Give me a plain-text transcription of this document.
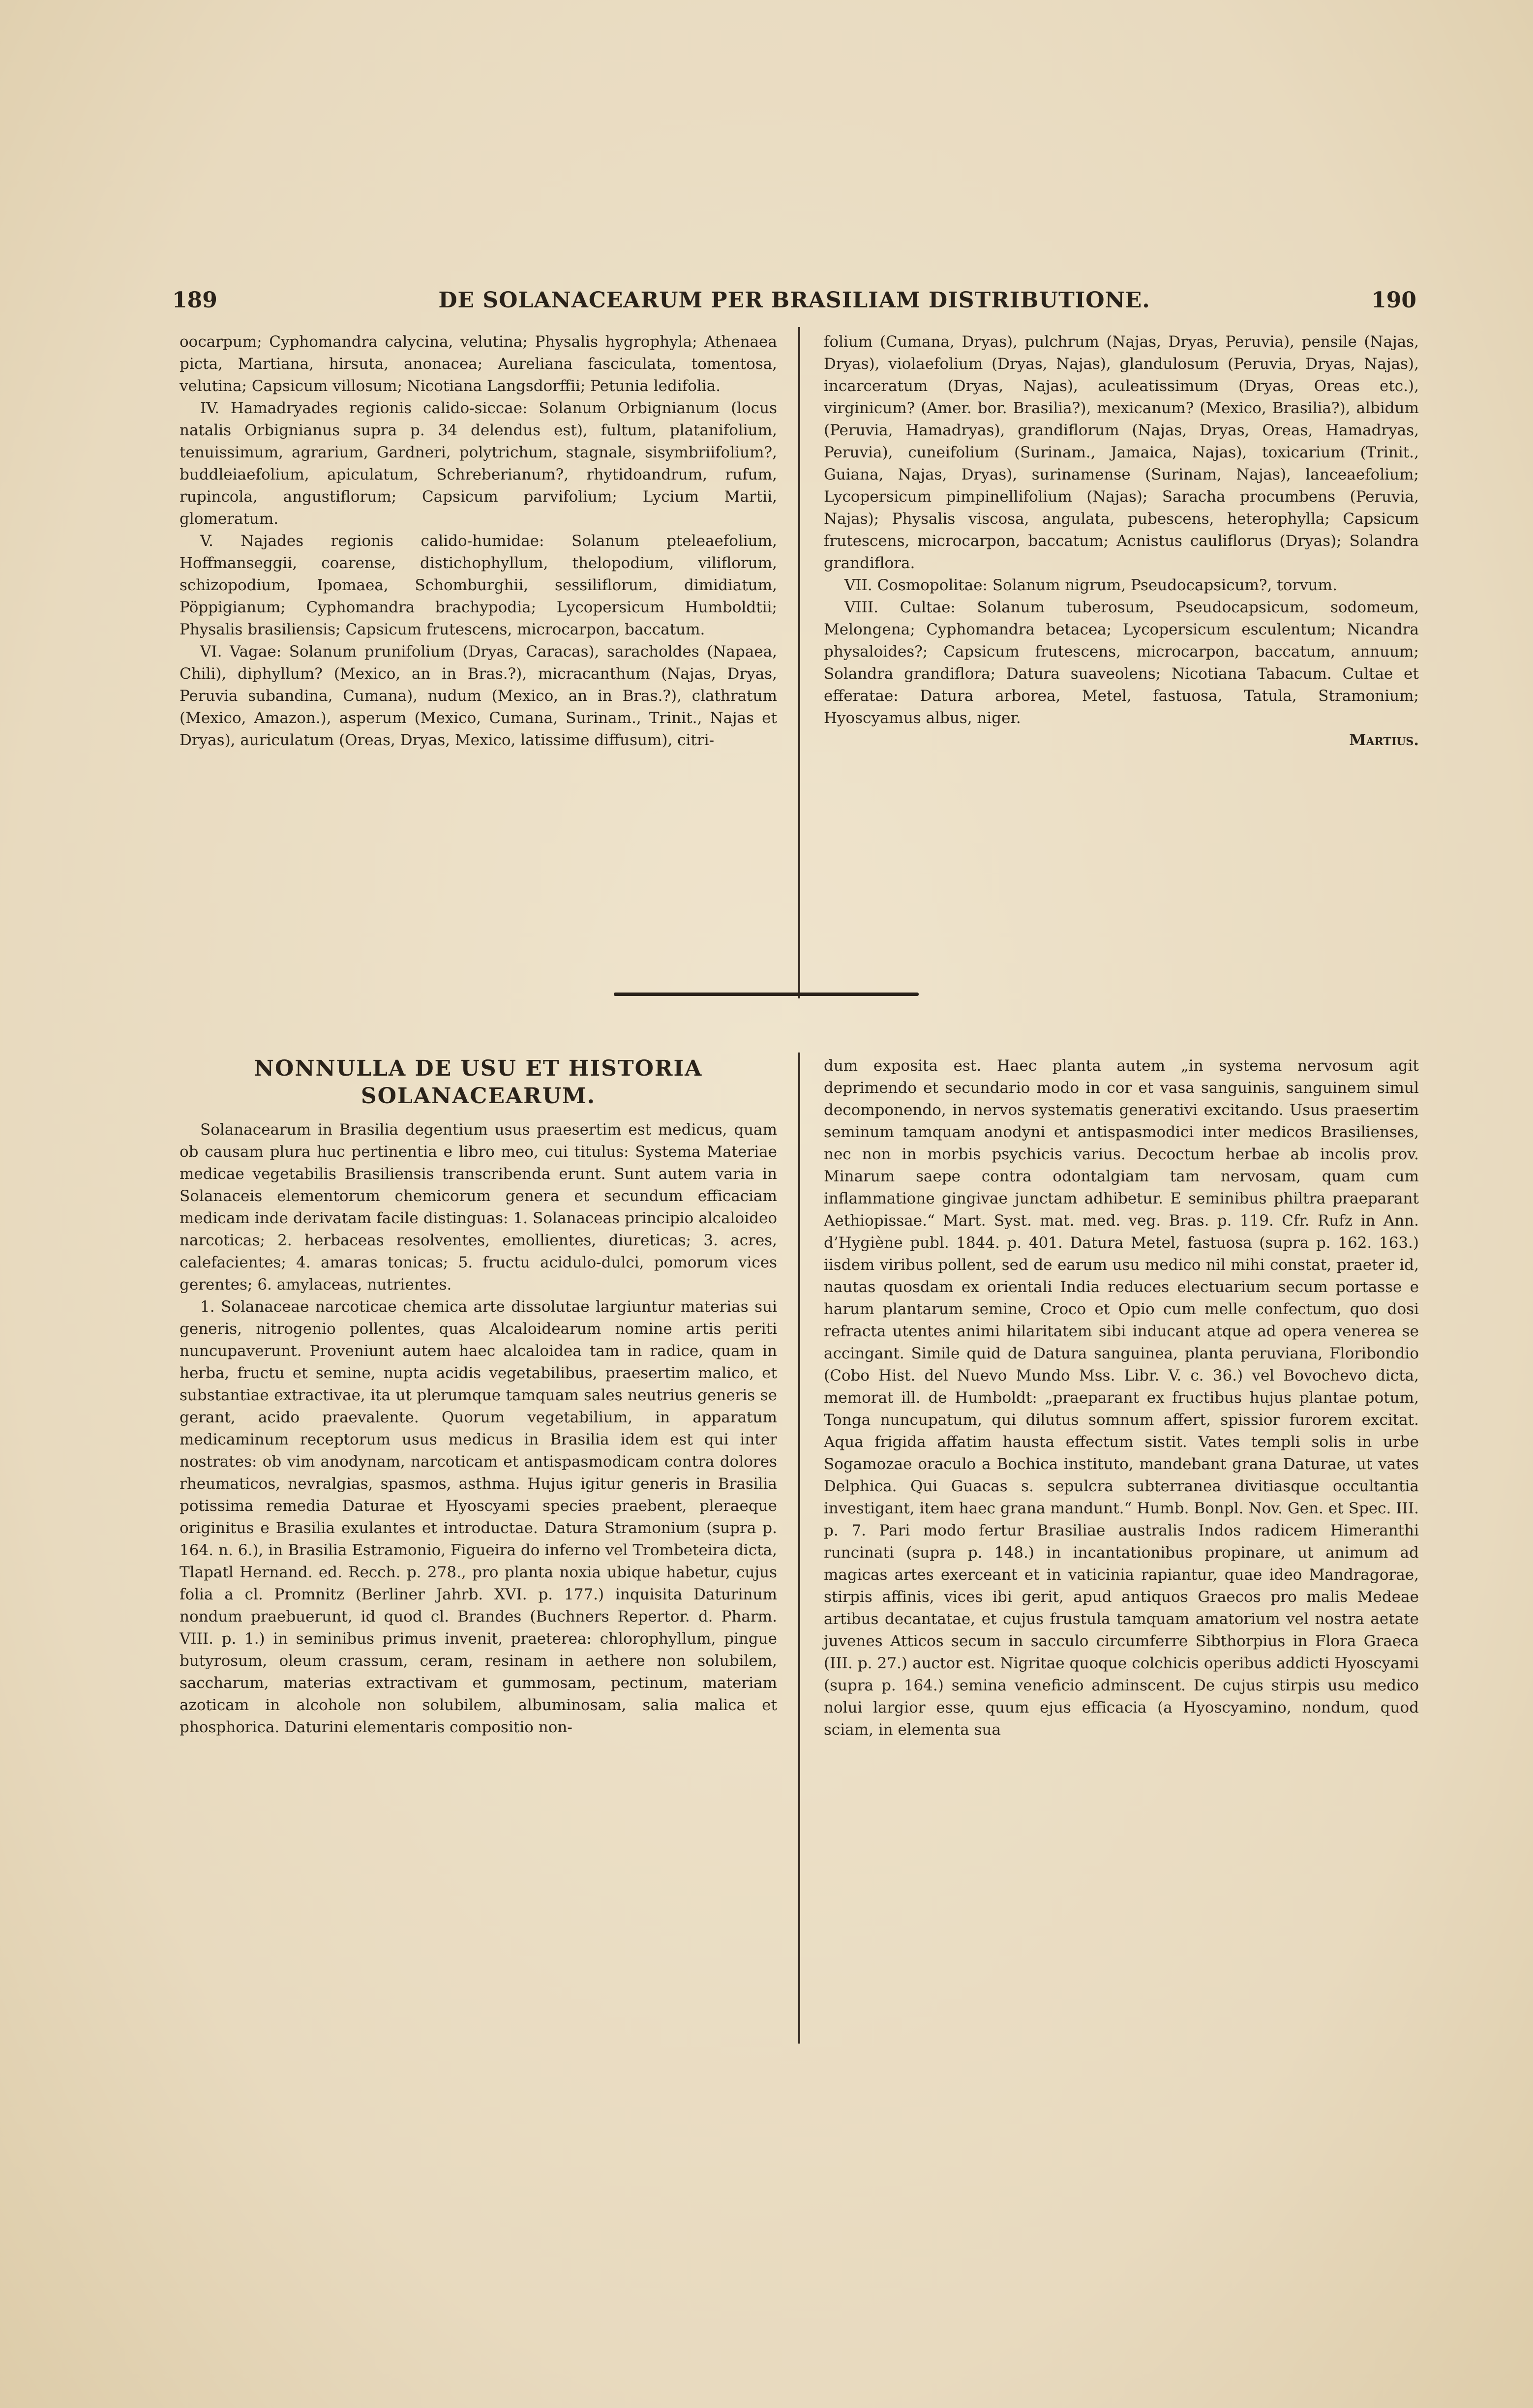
189	DE SOLANACEARUM PER BRASILIAM DISTRIBUTIONE.	190

oocarpum; Cyphomandra calycina, velutina; Physalis hygrophyla; Athenaea picta, Martiana, hirsuta, anonacea; Aureliana fasciculata, tomentosa, velutina; Capsicum villosum; Nicotiana Langsdorffii; Petunia ledifolia.

IV. Hamadryades regionis calido-siccae: Solanum Orbignianum (locus natalis Orbignianus supra p. 34 delendus est), fultum, platanifolium, tenuissimum, agrarium, Gardneri, polytrichum, stagnale, sisymbriifolium?, buddleiaefolium, apiculatum, Schreberianum?, rhytidoandrum, rufum, rupincola, angustiflorum; Capsicum parvifolium; Lycium Martii, glomeratum.

V. Najades regionis calido-humidae: Solanum pteleaefolium, Hoffmanseggii, coarense, distichophyllum, thelopodium, viliflorum, schizopodium, Ipomaea, Schomburghii, sessiliflorum, dimidiatum, Pöppigianum; Cyphomandra brachypodia; Lycopersicum Humboldtii; Physalis brasiliensis; Capsicum frutescens, microcarpon, baccatum.

VI. Vagae: Solanum prunifolium (Dryas, Caracas), saracholdes (Napaea, Chili), diphyllum? (Mexico, an in Bras.?), micracanthum (Najas, Dryas, Peruvia subandina, Cumana), nudum (Mexico, an in Bras.?), clathratum (Mexico, Amazon.), asperum (Mexico, Cumana, Surinam., Trinit., Najas et Dryas), auriculatum (Oreas, Dryas, Mexico, latissime diffusum), citri-

folium (Cumana, Dryas), pulchrum (Najas, Dryas, Peruvia), pensile (Najas, Dryas), violaefolium (Dryas, Najas), glandulosum (Peruvia, Dryas, Najas), incarceratum (Dryas, Najas), aculeatissimum (Dryas, Oreas etc.), virginicum? (Amer. bor. Brasilia?), mexicanum? (Mexico, Brasilia?), albidum (Peruvia, Hamadryas), grandiflorum (Najas, Dryas, Oreas, Hamadryas, Peruvia), cuneifolium (Surinam., Jamaica, Najas), toxicarium (Trinit., Guiana, Najas, Dryas), surinamense (Surinam, Najas), lanceaefolium; Lycopersicum pimpinellifolium (Najas); Saracha procumbens (Peruvia, Najas); Physalis viscosa, angulata, pubescens, heterophylla; Capsicum frutescens, microcarpon, baccatum; Acnistus cauliflorus (Dryas); Solandra grandiflora.

VII. Cosmopolitae: Solanum nigrum, Pseudocapsicum?, torvum.

VIII. Cultae: Solanum tuberosum, Pseudocapsicum, sodomeum, Melongena; Cyphomandra betacea; Lycopersicum esculentum; Nicandra physaloides?; Capsicum frutescens, microcarpon, baccatum, annuum; Solandra grandiflora; Datura suaveolens; Nicotiana Tabacum. Cultae et efferatae: Datura arborea, Metel, fastuosa, Tatula, Stramonium; Hyoscyamus albus, niger.

Martius.

NONNULLA DE USU ET HISTORIA
SOLANACEARUM.

Solanacearum in Brasilia degentium usus praesertim est medicus, quam ob causam plura huc pertinentia e libro meo, cui titulus: Systema Materiae medicae vegetabilis Brasiliensis transcribenda erunt. Sunt autem varia in Solanaceis elementorum chemicorum genera et secundum efficaciam medicam inde derivatam facile distinguas: 1. Solanaceas principio alcaloideo narcoticas; 2. herbaceas resolventes, emollientes, diureticas; 3. acres, calefacientes; 4. amaras tonicas; 5. fructu acidulo-dulci, pomorum vices gerentes; 6. amylaceas, nutrientes.

1. Solanaceae narcoticae chemica arte dissolutae largiuntur materias sui generis, nitrogenio pollentes, quas Alcaloidearum nomine artis periti nuncupaverunt. Proveniunt autem haec alcaloidea tam in radice, quam in herba, fructu et semine, nupta acidis vegetabilibus, praesertim malico, et substantiae extractivae, ita ut plerumque tamquam sales neutrius generis se gerant, acido praevalente. Quorum vegetabilium, in apparatum medicaminum receptorum usus medicus in Brasilia idem est qui inter nostrates: ob vim anodynam, narcoticam et antispasmodicam contra dolores rheumaticos, nevralgias, spasmos, asthma. Hujus igitur generis in Brasilia potissima remedia Daturae et Hyoscyami species praebent, pleraeque originitus e Brasilia exulantes et introductae. Datura Stramonium (supra p. 164. n. 6.), in Brasilia Estramonio, Figueira do inferno vel Trombeteira dicta, Tlapatl Hernand. ed. Recch. p. 278., pro planta noxia ubique habetur, cujus folia a cl. Promnitz (Berliner Jahrb. XVI. p. 177.) inquisita Daturinum nondum praebuerunt, id quod cl. Brandes (Buchners Repertor. d. Pharm. VIII. p. 1.) in seminibus primus invenit, praeterea: chlorophyllum, pingue butyrosum, oleum crassum, ceram, resinam in aethere non solubilem, saccharum, materias extractivam et gummosam, pectinum, materiam azoticam in alcohole non solubilem, albuminosam, salia malica et phosphorica. Daturini elementaris compositio non-

dum exposita est. Haec planta autem „in systema nervosum agit deprimendo et secundario modo in cor et vasa sanguinis, sanguinem simul decomponendo, in nervos systematis generativi excitando. Usus praesertim seminum tamquam anodyni et antispasmodici inter medicos Brasilienses, nec non in morbis psychicis varius. Decoctum herbae ab incolis prov. Minarum saepe contra odontalgiam tam nervosam, quam cum inflammatione gingivae junctam adhibetur. E seminibus philtra praeparant Aethiopissae.“ Mart. Syst. mat. med. veg. Bras. p. 119. Cfr. Rufz in Ann. d’Hygiène publ. 1844. p. 401. Datura Metel, fastuosa (supra p. 162. 163.) iisdem viribus pollent, sed de earum usu medico nil mihi constat, praeter id, nautas quosdam ex orientali India reduces electuarium secum portasse e harum plantarum semine, Croco et Opio cum melle confectum, quo dosi refracta utentes animi hilaritatem sibi inducant atque ad opera venerea se accingant. Simile quid de Datura sanguinea, planta peruviana, Floribondio (Cobo Hist. del Nuevo Mundo Mss. Libr. V. c. 36.) vel Bovochevo dicta, memorat ill. de Humboldt: „praeparant ex fructibus hujus plantae potum, Tonga nuncupatum, qui dilutus somnum affert, spissior furorem excitat. Aqua frigida affatim hausta effectum sistit. Vates templi solis in urbe Sogamozae oraculo a Bochica instituto, mandebant grana Daturae, ut vates Delphica. Qui Guacas s. sepulcra subterranea divitiasque occultantia investigant, item haec grana mandunt.“ Humb. Bonpl. Nov. Gen. et Spec. III. p. 7. Pari modo fertur Brasiliae australis Indos radicem Himeranthi runcinati (supra p. 148.) in incantationibus propinare, ut animum ad magicas artes exerceant et in vaticinia rapiantur, quae ideo Mandragorae, stirpis affinis, vices ibi gerit, apud antiquos Graecos pro malis Medeae artibus decantatae, et cujus frustula tamquam amatorium vel nostra aetate juvenes Atticos secum in sacculo circumferre Sibthorpius in Flora Graeca (III. p. 27.) auctor est. Nigritae quoque colchicis operibus addicti Hyoscyami (supra p. 164.) semina veneficio adminscent. De cujus stirpis usu medico nolui largior esse, quum ejus efficacia (a Hyoscyamino, nondum, quod sciam, in elementa sua
